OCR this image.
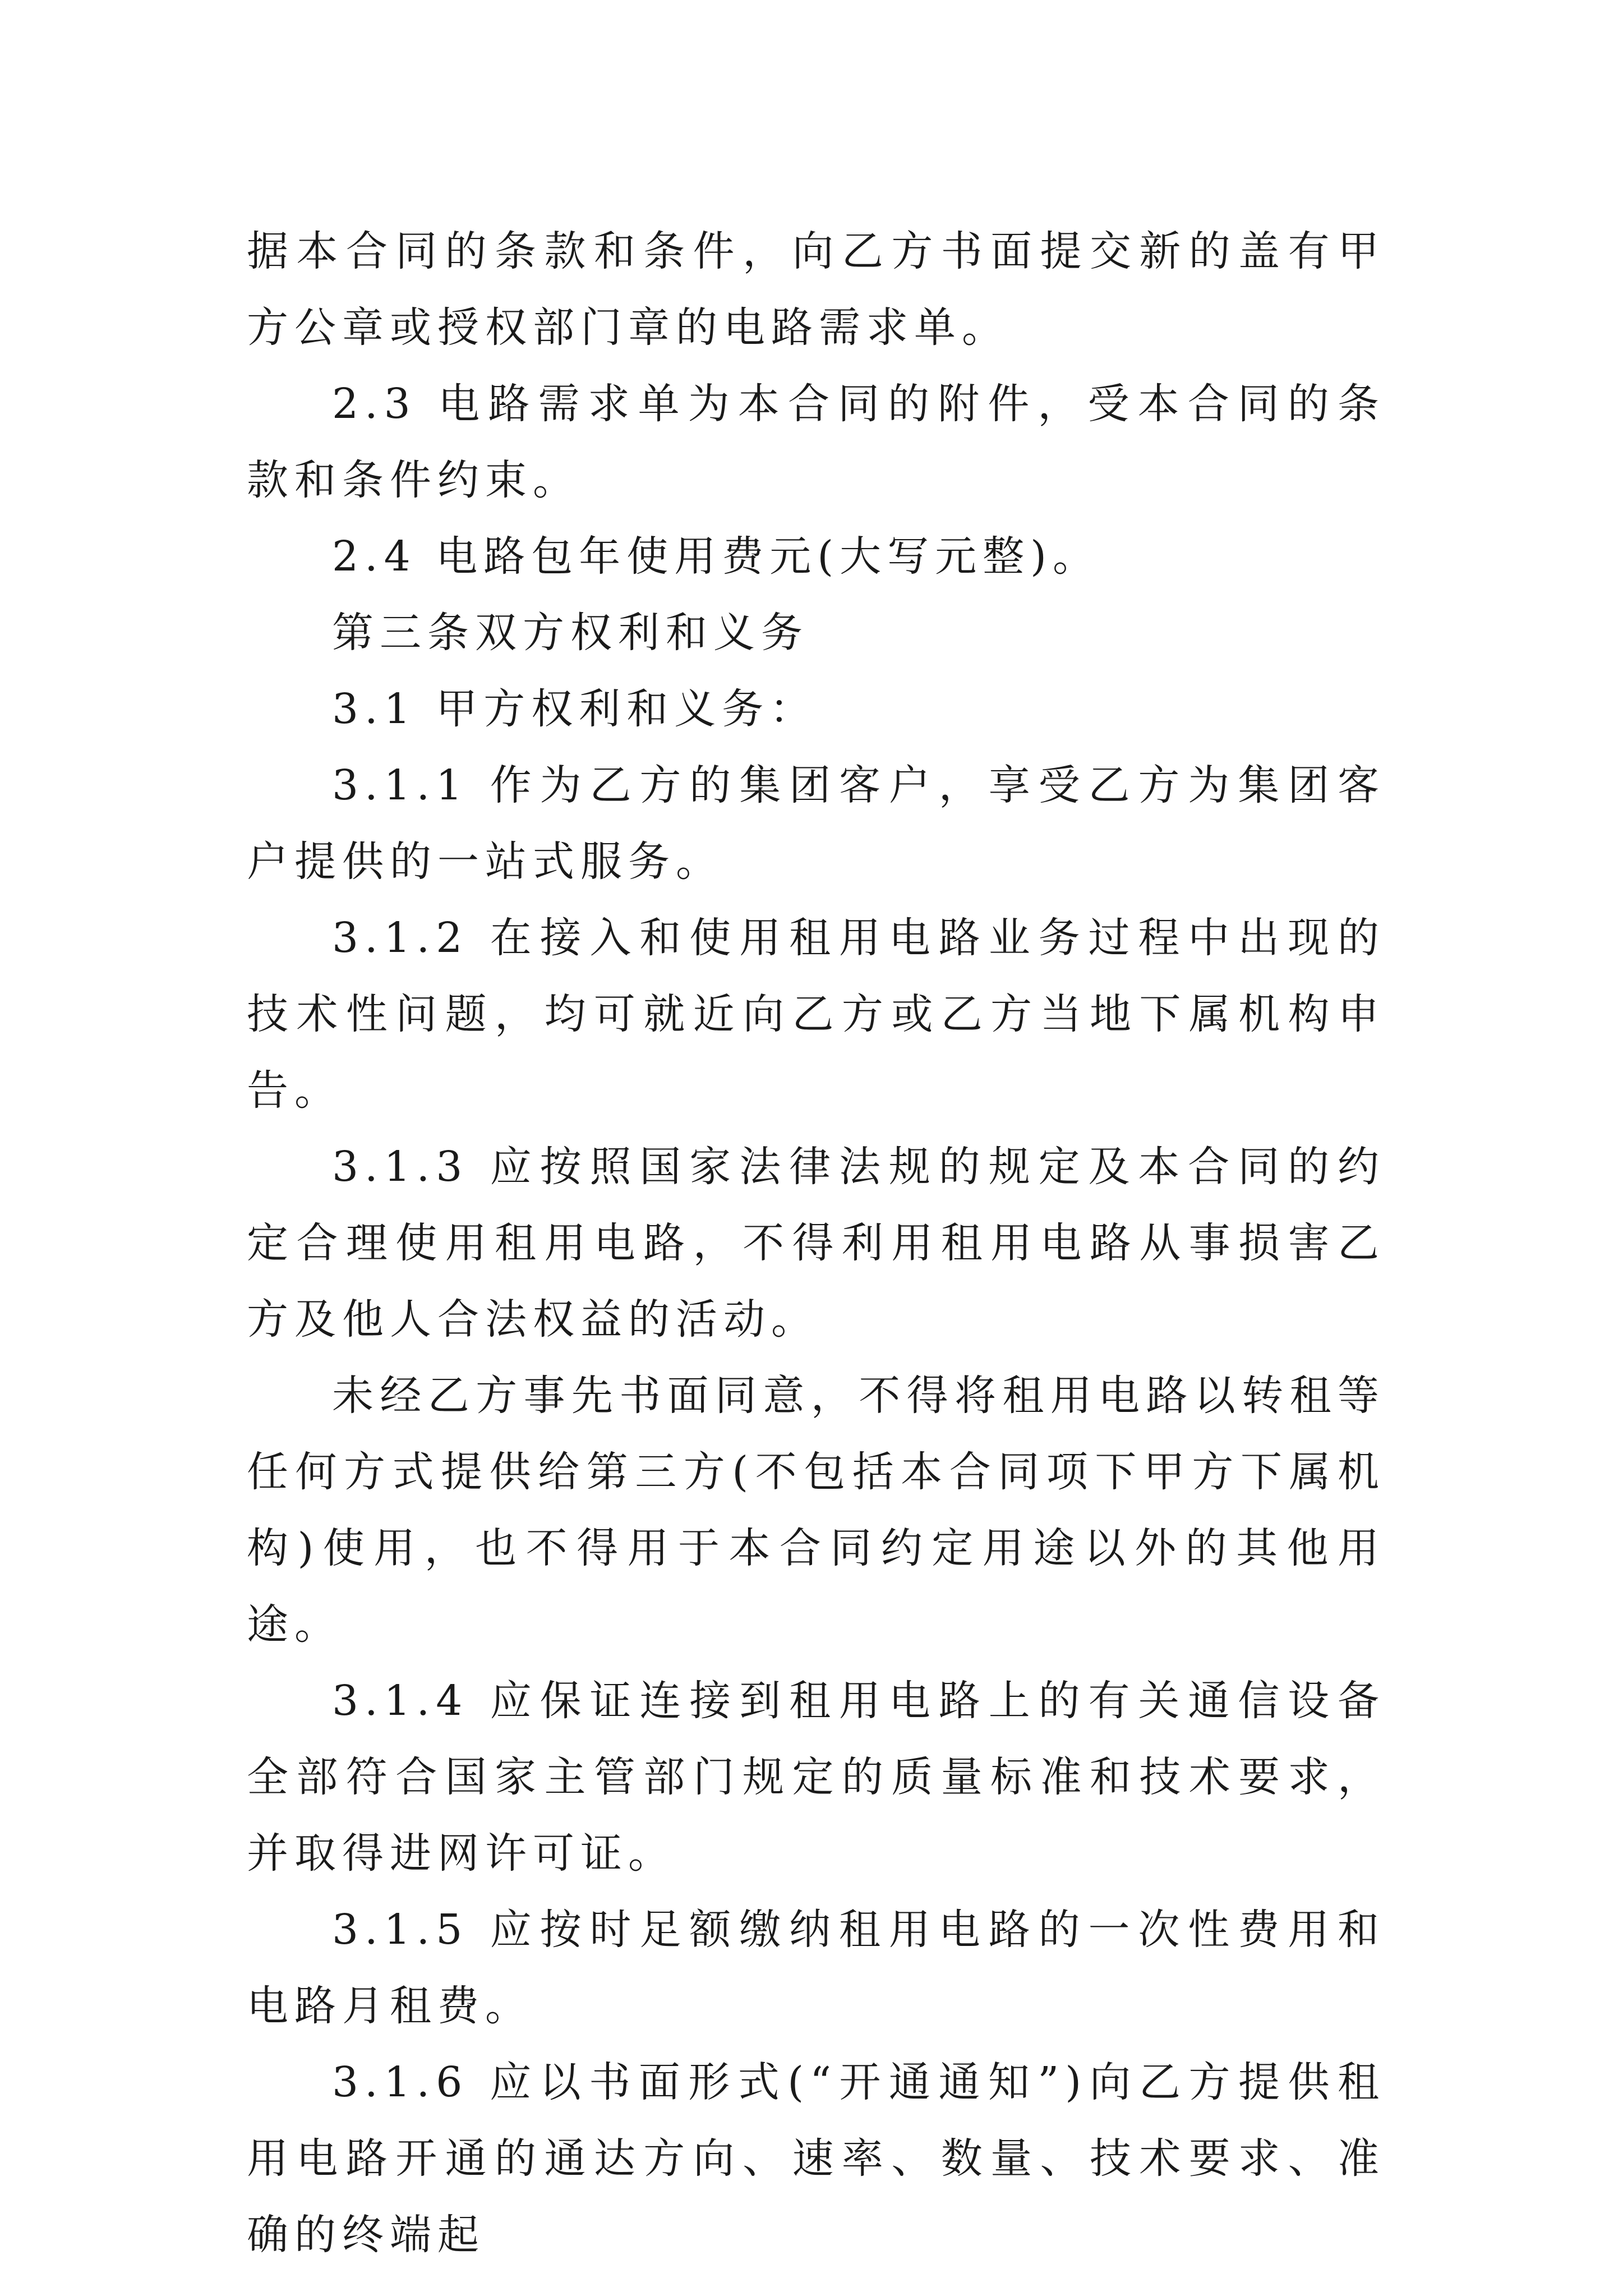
据本合同的条款和条件，向乙方书面提交新的盖有甲方公章或授权部门章的电路需求单。

2.3 电路需求单为本合同的附件，受本合同的条款和条件约束。

2.4 电路包年使用费元(大写元整)。

第三条双方权利和义务

3.1 甲方权利和义务：

3.1.1 作为乙方的集团客户，享受乙方为集团客户提供的一站式服务。

3.1.2 在接入和使用租用电路业务过程中出现的技术性问题，均可就近向乙方或乙方当地下属机构申告。

3.1.3 应按照国家法律法规的规定及本合同的约定合理使用租用电路，不得利用租用电路从事损害乙方及他人合法权益的活动。

未经乙方事先书面同意，不得将租用电路以转租等任何方式提供给第三方(不包括本合同项下甲方下属机构)使用，也不得用于本合同约定用途以外的其他用途。

3.1.4 应保证连接到租用电路上的有关通信设备全部符合国家主管部门规定的质量标准和技术要求，并取得进网许可证。

3.1.5 应按时足额缴纳租用电路的一次性费用和电路月租费。

3.1.6 应以书面形式(“开通通知”)向乙方提供租用电路开通的通达方向、速率、数量、技术要求、准确的终端起
